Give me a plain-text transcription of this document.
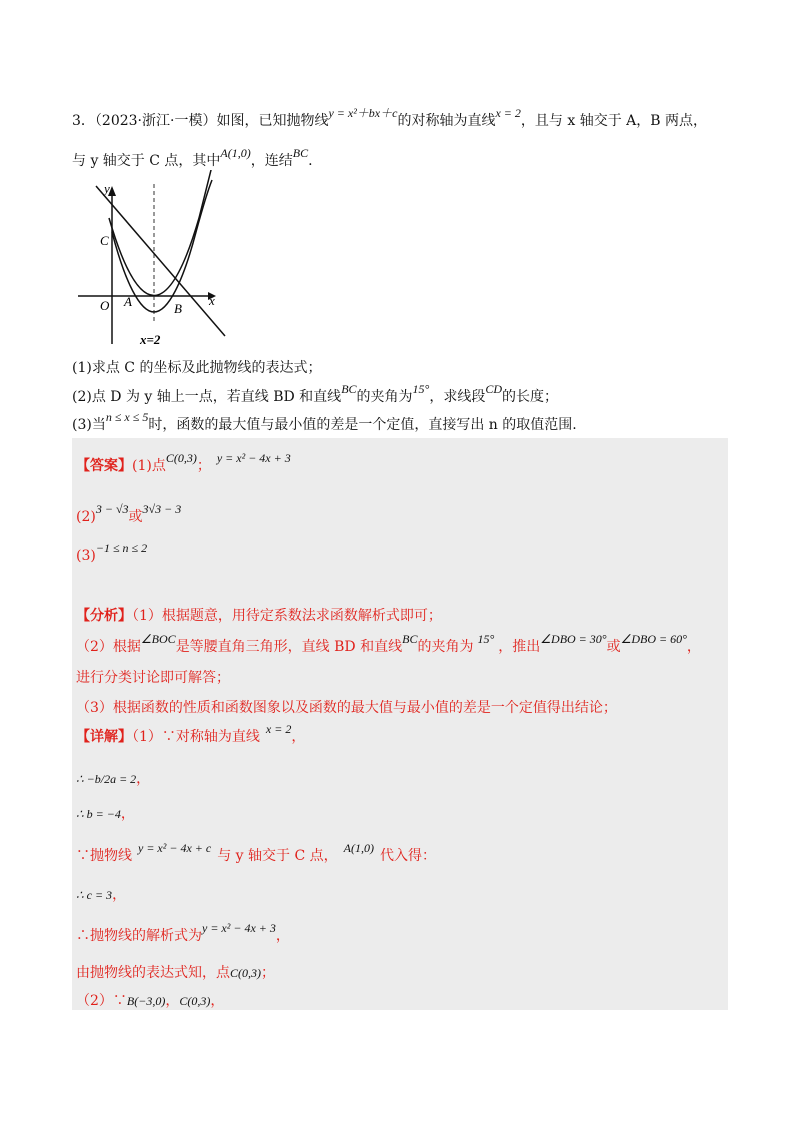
3．（2023·浙江·一模）如图，已知抛物线y = x²＋bx＋c的对称轴为直线x = 2，且与 x 轴交于 A，B 两点，
与 y 轴交于 C 点，其中A(1,0)，连结BC.
y
x
C
O A	B
x=2
(1)求点 C 的坐标及此抛物线的表达式；
(2)点 D 为 y 轴上一点，若直线 BD 和直线BC的夹角为15°，求线段CD的长度；
(3)当n ≤ x ≤ 5时，函数的最大值与最小值的差是一个定值，直接写出 n 的取值范围.
【答案】(1)点C(0,3)； y = x² − 4x + 3
(2)3 − √3或3√3 − 3
(3)−1 ≤ n ≤ 2
【分析】（1）根据题意，用待定系数法求函数解析式即可；
（2）根据∠BOC是等腰直角三角形，直线 BD 和直线BC的夹角为 15° ，推出∠DBO = 30°或∠DBO = 60°，
进行分类讨论即可解答；
（3）根据函数的性质和函数图象以及函数的最大值与最小值的差是一个定值得出结论；
【详解】（1）∵对称轴为直线 x = 2，
∴ −b/2a = 2，
∴ b = −4，
∵抛物线 y = x² − 4x + c 与 y 轴交于 C 点， A(1,0) 代入得：
∴ c = 3，
∴抛物线的解析式为y = x² − 4x + 3，
由抛物线的表达式知，点C(0,3)；
（2）∵B(−3,0)，C(0,3)，
